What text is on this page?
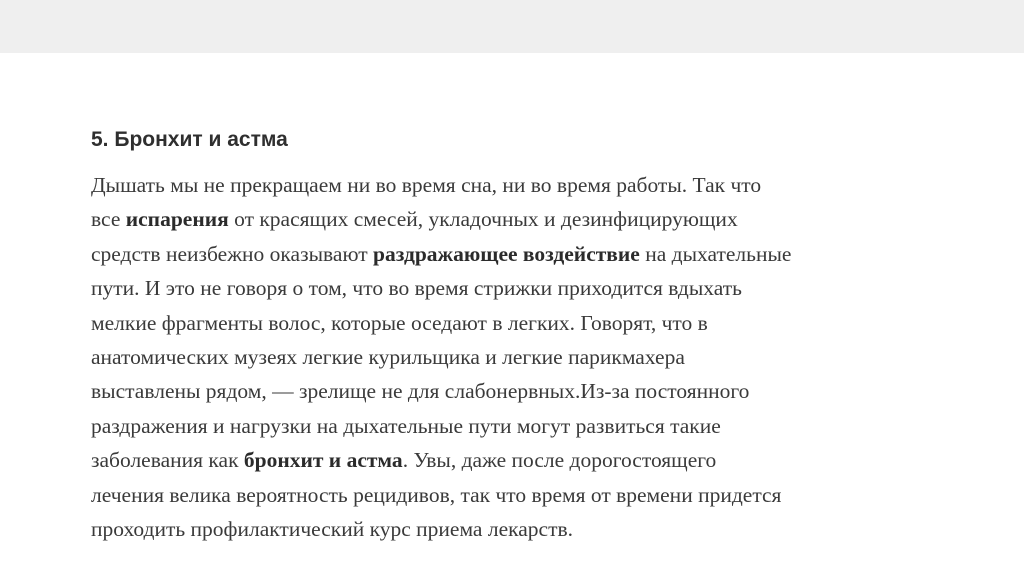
5. Бронхит и астма

Дышать мы не прекращаем ни во время сна, ни во время работы. Так что
все испарения от красящих смесей, укладочных и дезинфицирующих
средств неизбежно оказывают раздражающее воздействие на дыхательные
пути. И это не говоря о том, что во время стрижки приходится вдыхать
мелкие фрагменты волос, которые оседают в легких. Говорят, что в
анатомических музеях легкие курильщика и легкие парикмахера
выставлены рядом, — зрелище не для слабонервных.Из-за постоянного
раздражения и нагрузки на дыхательные пути могут развиться такие
заболевания как бронхит и астма. Увы, даже после дорогостоящего
лечения велика вероятность рецидивов, так что время от времени придется
проходить профилактический курс приема лекарств.
